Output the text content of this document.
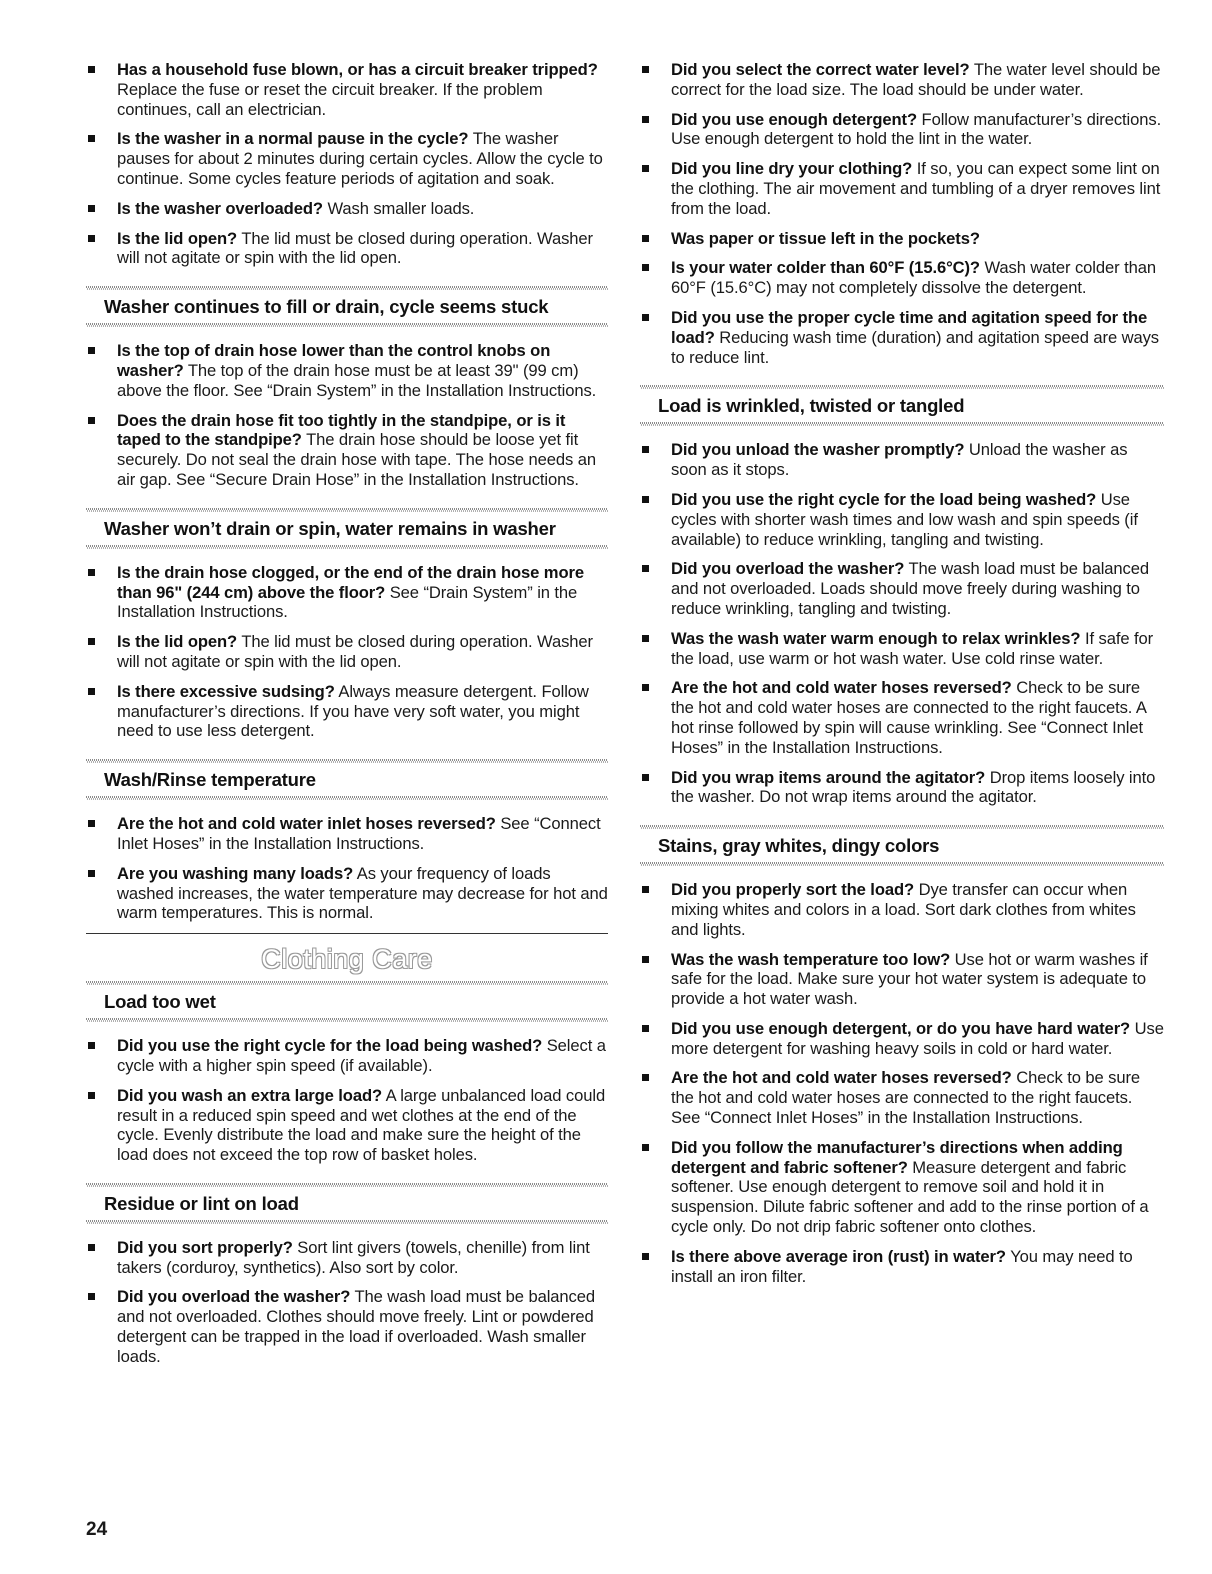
Has a household fuse blown, or has a circuit breaker tripped? Replace the fuse or reset the circuit breaker. If the problem continues, call an electrician.
Is the washer in a normal pause in the cycle? The washer pauses for about 2 minutes during certain cycles. Allow the cycle to continue. Some cycles feature periods of agitation and soak.
Is the washer overloaded? Wash smaller loads.
Is the lid open? The lid must be closed during operation. Washer will not agitate or spin with the lid open.
Washer continues to fill or drain, cycle seems stuck
Is the top of drain hose lower than the control knobs on washer? The top of the drain hose must be at least 39" (99 cm) above the floor. See “Drain System” in the Installation Instructions.
Does the drain hose fit too tightly in the standpipe, or is it taped to the standpipe? The drain hose should be loose yet fit securely. Do not seal the drain hose with tape. The hose needs an air gap. See “Secure Drain Hose” in the Installation Instructions.
Washer won’t drain or spin, water remains in washer
Is the drain hose clogged, or the end of the drain hose more than 96" (244 cm) above the floor? See “Drain System” in the Installation Instructions.
Is the lid open? The lid must be closed during operation. Washer will not agitate or spin with the lid open.
Is there excessive sudsing? Always measure detergent. Follow manufacturer’s directions. If you have very soft water, you might need to use less detergent.
Wash/Rinse temperature
Are the hot and cold water inlet hoses reversed? See “Connect Inlet Hoses” in the Installation Instructions.
Are you washing many loads? As your frequency of loads washed increases, the water temperature may decrease for hot and warm temperatures. This is normal.
Clothing Care
Load too wet
Did you use the right cycle for the load being washed? Select a cycle with a higher spin speed (if available).
Did you wash an extra large load? A large unbalanced load could result in a reduced spin speed and wet clothes at the end of the cycle. Evenly distribute the load and make sure the height of the load does not exceed the top row of basket holes.
Residue or lint on load
Did you sort properly? Sort lint givers (towels, chenille) from lint takers (corduroy, synthetics). Also sort by color.
Did you overload the washer? The wash load must be balanced and not overloaded. Clothes should move freely. Lint or powdered detergent can be trapped in the load if overloaded. Wash smaller loads.
Did you select the correct water level? The water level should be correct for the load size. The load should be under water.
Did you use enough detergent? Follow manufacturer’s directions. Use enough detergent to hold the lint in the water.
Did you line dry your clothing? If so, you can expect some lint on the clothing. The air movement and tumbling of a dryer removes lint from the load.
Was paper or tissue left in the pockets?
Is your water colder than 60°F (15.6°C)? Wash water colder than 60°F (15.6°C) may not completely dissolve the detergent.
Did you use the proper cycle time and agitation speed for the load? Reducing wash time (duration) and agitation speed are ways to reduce lint.
Load is wrinkled, twisted or tangled
Did you unload the washer promptly? Unload the washer as soon as it stops.
Did you use the right cycle for the load being washed? Use cycles with shorter wash times and low wash and spin speeds (if available) to reduce wrinkling, tangling and twisting.
Did you overload the washer? The wash load must be balanced and not overloaded. Loads should move freely during washing to reduce wrinkling, tangling and twisting.
Was the wash water warm enough to relax wrinkles? If safe for the load, use warm or hot wash water. Use cold rinse water.
Are the hot and cold water hoses reversed? Check to be sure the hot and cold water hoses are connected to the right faucets. A hot rinse followed by spin will cause wrinkling. See “Connect Inlet Hoses” in the Installation Instructions.
Did you wrap items around the agitator? Drop items loosely into the washer. Do not wrap items around the agitator.
Stains, gray whites, dingy colors
Did you properly sort the load? Dye transfer can occur when mixing whites and colors in a load. Sort dark clothes from whites and lights.
Was the wash temperature too low? Use hot or warm washes if safe for the load. Make sure your hot water system is adequate to provide a hot water wash.
Did you use enough detergent, or do you have hard water? Use more detergent for washing heavy soils in cold or hard water.
Are the hot and cold water hoses reversed? Check to be sure the hot and cold water hoses are connected to the right faucets. See “Connect Inlet Hoses” in the Installation Instructions.
Did you follow the manufacturer’s directions when adding detergent and fabric softener? Measure detergent and fabric softener. Use enough detergent to remove soil and hold it in suspension. Dilute fabric softener and add to the rinse portion of a cycle only. Do not drip fabric softener onto clothes.
Is there above average iron (rust) in water? You may need to install an iron filter.
24
